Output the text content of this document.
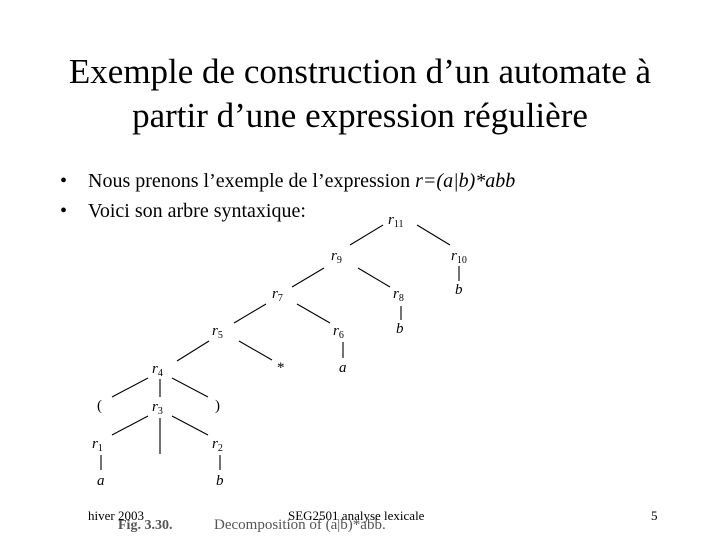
Exemple de construction d’un automate à
partir d’une expression régulière
• Nous prenons l’exemple de l’expression r=(a|b)*abb
• Voici son arbre syntaxique:	$r_{11}$
$r_{10}$
$r_9$
$r_8$
$r_7$
$r_6$
$r_5$
$r_4$
$r_3$
$r_1$	$r_2$
*
(	)
a	b
a
b
b
Fig. 3.30.	Decomposition of (a|b)*abb.
hiver 2003	SEG2501 analyse lexicale	5
